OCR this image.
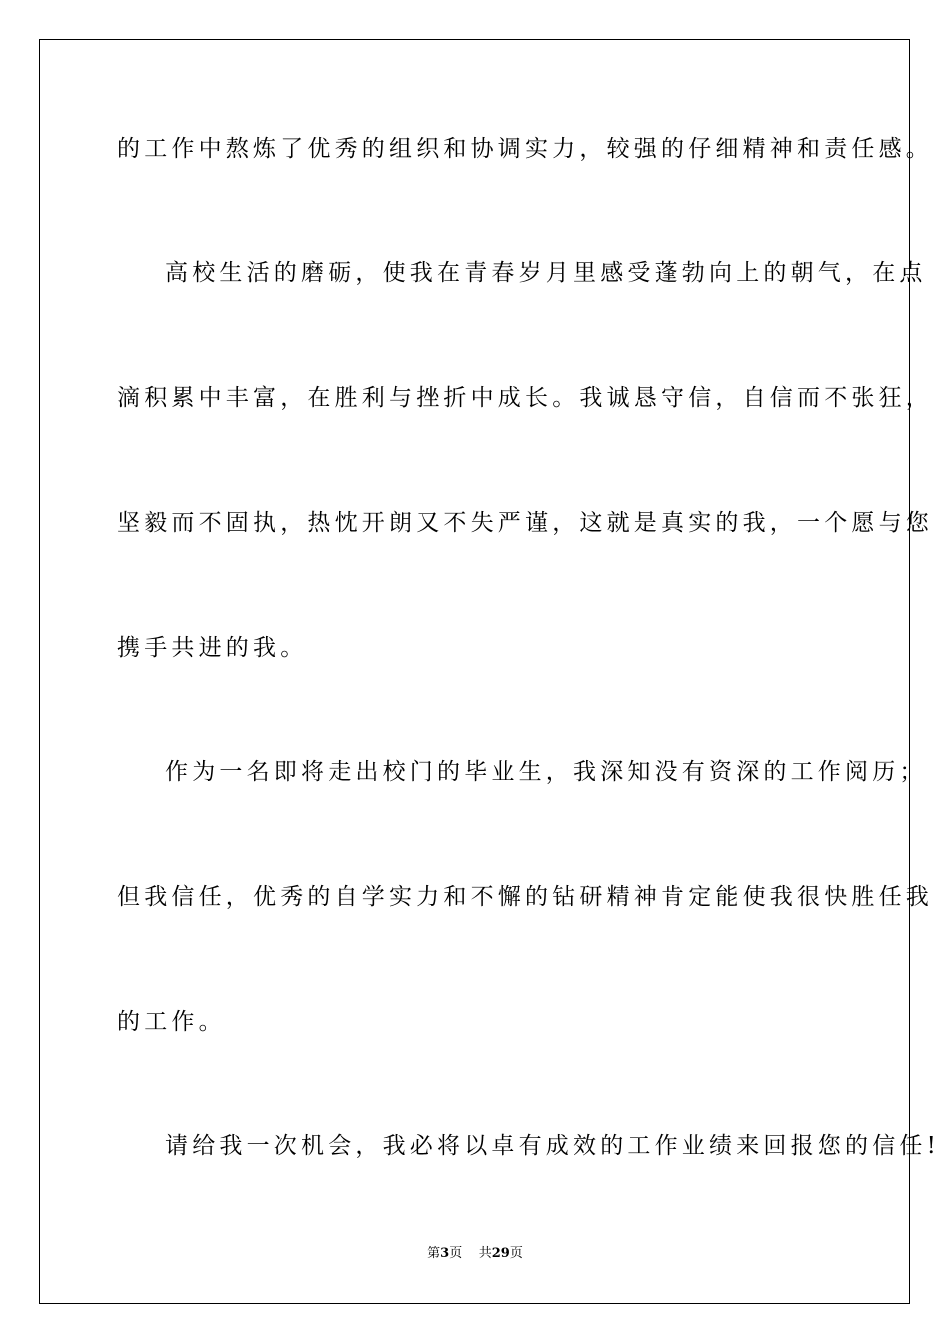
的工作中熬炼了优秀的组织和协调实力，较强的仔细精神和责任感。
高校生活的磨砺，使我在青春岁月里感受蓬勃向上的朝气，在点
滴积累中丰富，在胜利与挫折中成长。我诚恳守信，自信而不张狂，
坚毅而不固执，热忱开朗又不失严谨，这就是真实的我，一个愿与您
携手共进的我。
作为一名即将走出校门的毕业生，我深知没有资深的工作阅历；
但我信任，优秀的自学实力和不懈的钻研精神肯定能使我很快胜任我
的工作。
请给我一次机会，我必将以卓有成效的工作业绩来回报您的信任!
第3页 共29页
